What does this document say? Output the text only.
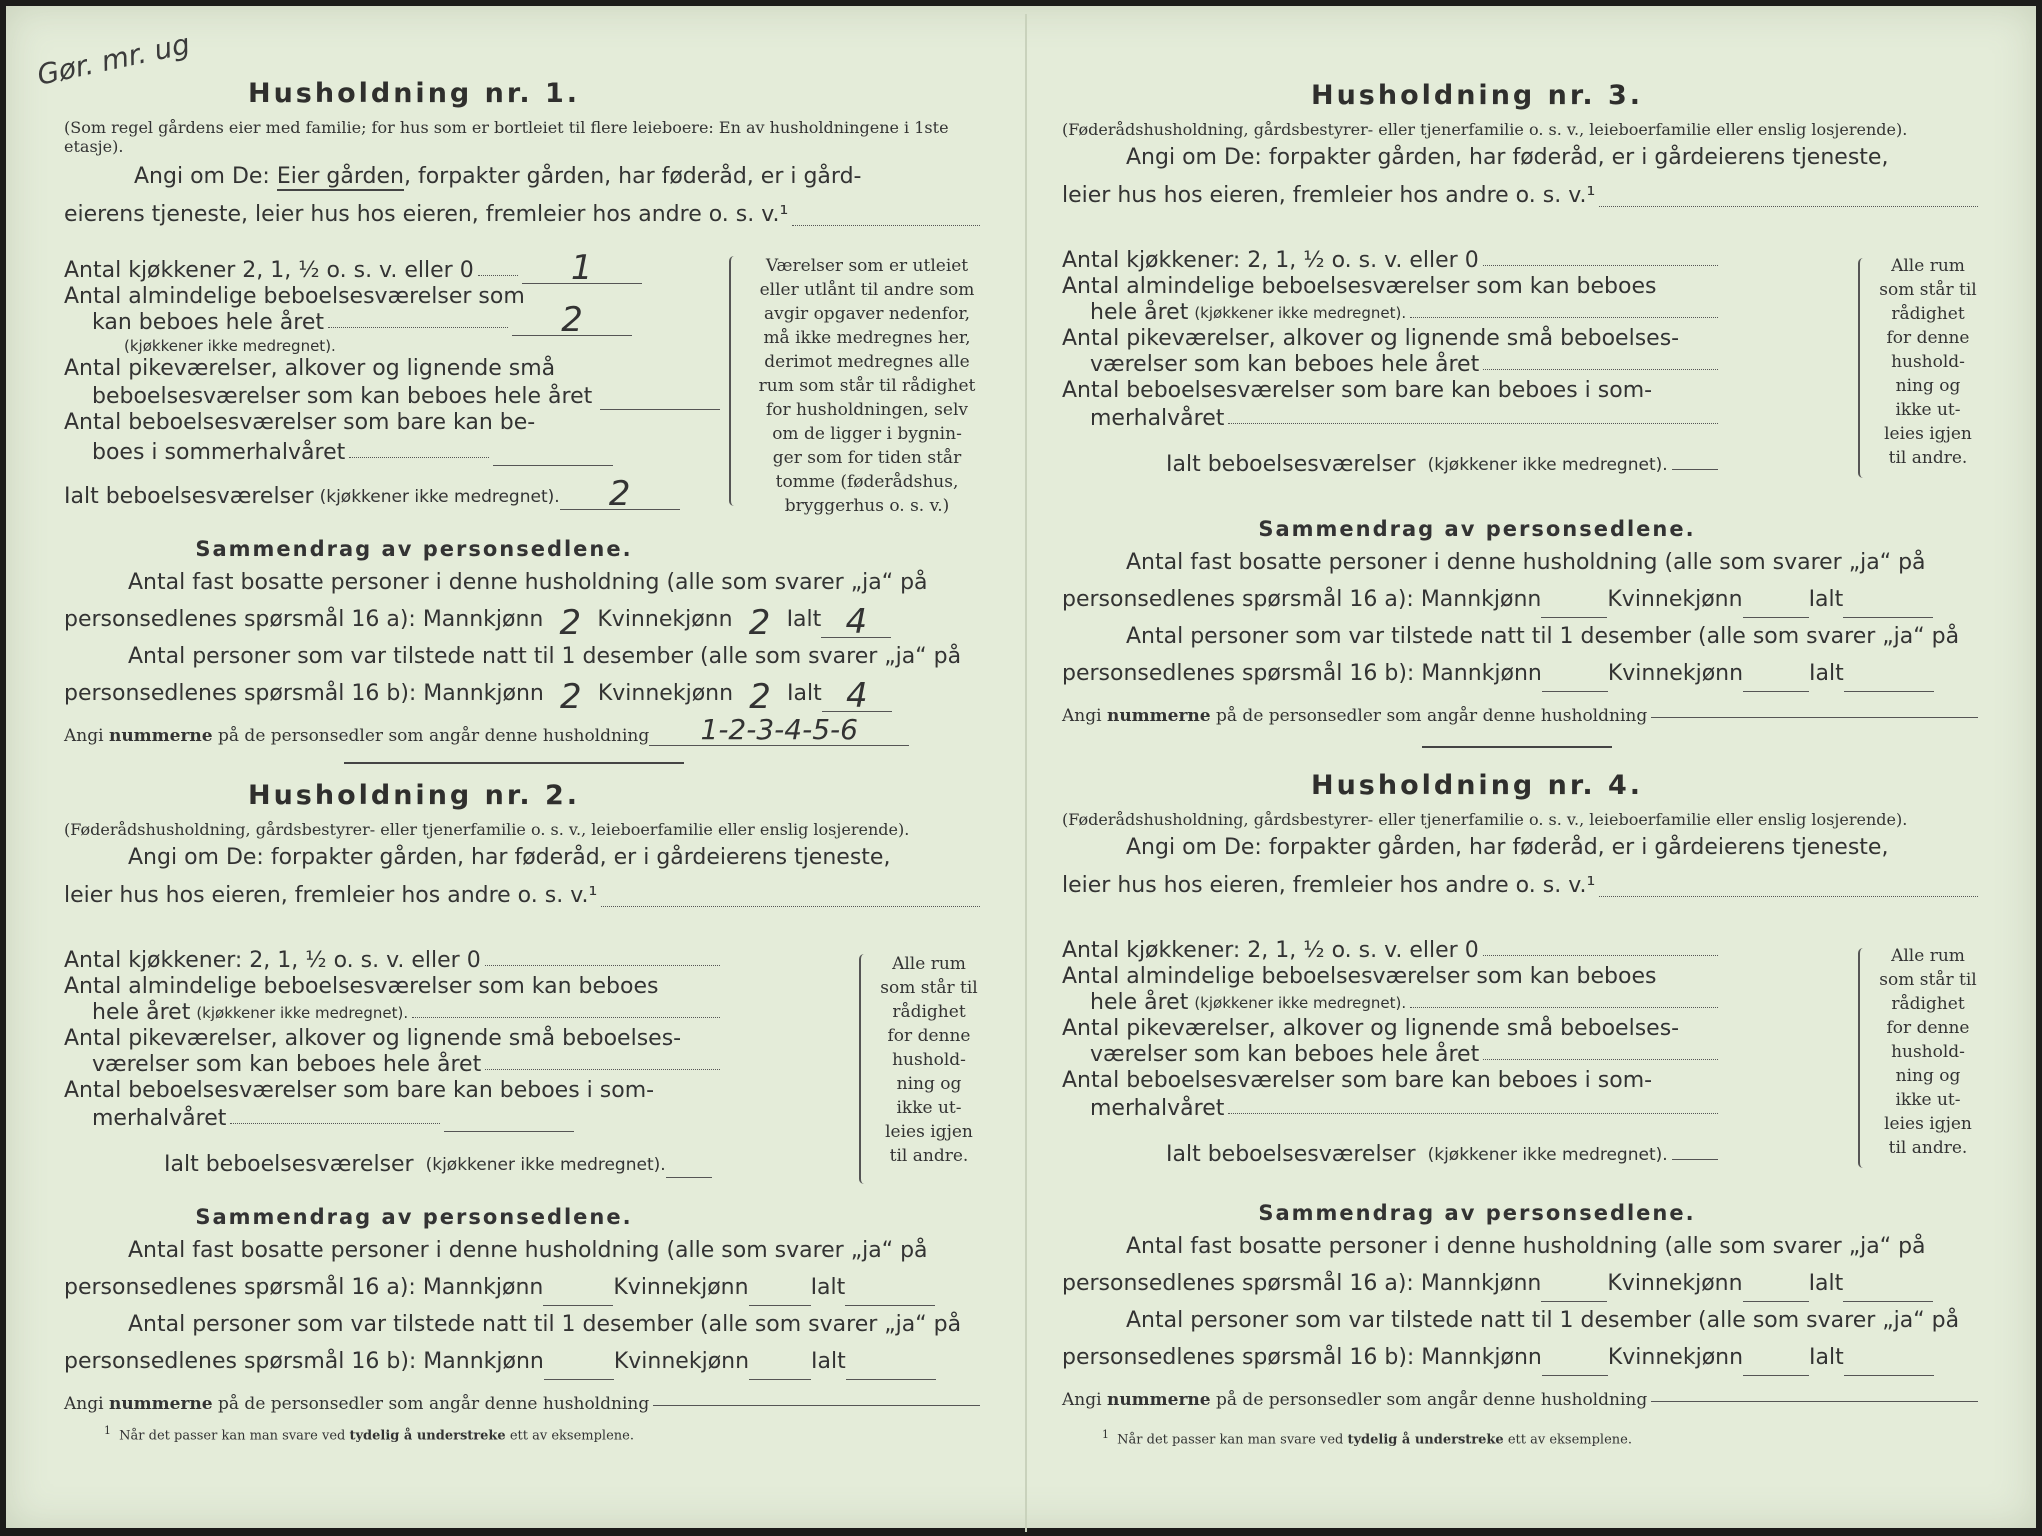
Gør. mr. ug
Husholdning nr. 1.
(Som regel gårdens eier med familie; for hus som er bortleiet til flere leieboere: En av husholdningene i 1ste etasje).
Angi om De: Eier gården, forpakter gården, har føderåd, er i gård-
eierens tjeneste, leier hus hos eieren, fremleier hos andre o. s. v.¹
Antal kjøkkener 2, 1, ½ o. s. v. eller 0	1
Antal almindelige beboelsesværelser som
kan beboes hele året	2
(kjøkkener ikke medregnet).
Antal pikeværelser, alkover og lignende små
beboelsesværelser som kan beboes hele året
Antal beboelsesværelser som bare kan be-
boes i sommerhalvåret
Ialt beboelsesværelser (kjøkkener ikke medregnet).	2
Værelser som er utleiet
eller utlånt til andre som
avgir opgaver nedenfor,
må ikke medregnes her,
derimot medregnes alle
rum som står til rådighet
for husholdningen, selv
om de ligger i bygnin-
ger som for tiden står
tomme (føderådshus,
bryggerhus o. s. v.)
Sammendrag av personsedlene.
Antal fast bosatte personer i denne husholdning (alle som svarer „ja“ på
personsedlenes spørsmål 16 a): Mannkjønn 2 Kvinnekjønn 2 Ialt 4
Antal personer som var tilstede natt til 1 desember (alle som svarer „ja“ på
personsedlenes spørsmål 16 b): Mannkjønn 2 Kvinnekjønn 2 Ialt 4
Angi
nummerne
på de personsedler som angår denne husholdning	1-2-3-4-5-6
Husholdning nr. 2.
(Føderådshusholdning, gårdsbestyrer- eller tjenerfamilie o. s. v., leieboerfamilie eller enslig losjerende).
Angi om De: forpakter gården, har føderåd, er i gårdeierens tjeneste,
leier hus hos eieren, fremleier hos andre o. s. v.¹
Antal kjøkkener: 2, 1, ½ o. s. v. eller 0
Antal almindelige beboelsesværelser som kan beboes
hele året (kjøkkener ikke medregnet).
Antal pikeværelser, alkover og lignende små beboelses-
værelser som kan beboes hele året
Antal beboelsesværelser som bare kan beboes i som-
merhalvåret
Ialt beboelsesværelser (kjøkkener ikke medregnet).
Alle rum
som står til
rådighet
for denne
hushold-
ning og
ikke ut-
leies igjen
til andre.
Sammendrag av personsedlene.
Antal fast bosatte personer i denne husholdning (alle som svarer „ja“ på
personsedlenes spørsmål 16 a): Mannkjønn	Kvinnekjønn	Ialt
Antal personer som var tilstede natt til 1 desember (alle som svarer „ja“ på
personsedlenes spørsmål 16 b): Mannkjønn	Kvinnekjønn	Ialt
Angi
nummerne
på de personsedler som angår denne husholdning
$^1$ Når det passer kan man svare ved tydelig å understreke ett av eksemplene.
Husholdning nr. 3.
(Føderådshusholdning, gårdsbestyrer- eller tjenerfamilie o. s. v., leieboerfamilie eller enslig losjerende).
Angi om De: forpakter gården, har føderåd, er i gårdeierens tjeneste,
leier hus hos eieren, fremleier hos andre o. s. v.¹
Antal kjøkkener: 2, 1, ½ o. s. v. eller 0
Antal almindelige beboelsesværelser som kan beboes
hele året (kjøkkener ikke medregnet).
Antal pikeværelser, alkover og lignende små beboelses-
værelser som kan beboes hele året
Antal beboelsesværelser som bare kan beboes i som-
merhalvåret
Ialt beboelsesværelser (kjøkkener ikke medregnet).
Alle rum
som står til
rådighet
for denne
hushold-
ning og
ikke ut-
leies igjen
til andre.
Sammendrag av personsedlene.
Antal fast bosatte personer i denne husholdning (alle som svarer „ja“ på
personsedlenes spørsmål 16 a): Mannkjønn	Kvinnekjønn	Ialt
Antal personer som var tilstede natt til 1 desember (alle som svarer „ja“ på
personsedlenes spørsmål 16 b): Mannkjønn	Kvinnekjønn	Ialt
Angi
nummerne
på de personsedler som angår denne husholdning
Husholdning nr. 4.
(Føderådshusholdning, gårdsbestyrer- eller tjenerfamilie o. s. v., leieboerfamilie eller enslig losjerende).
Angi om De: forpakter gården, har føderåd, er i gårdeierens tjeneste,
leier hus hos eieren, fremleier hos andre o. s. v.¹
Antal kjøkkener: 2, 1, ½ o. s. v. eller 0
Antal almindelige beboelsesværelser som kan beboes
hele året (kjøkkener ikke medregnet).
Antal pikeværelser, alkover og lignende små beboelses-
værelser som kan beboes hele året
Antal beboelsesværelser som bare kan beboes i som-
merhalvåret
Ialt beboelsesværelser (kjøkkener ikke medregnet).
Alle rum
som står til
rådighet
for denne
hushold-
ning og
ikke ut-
leies igjen
til andre.
Sammendrag av personsedlene.
Antal fast bosatte personer i denne husholdning (alle som svarer „ja“ på
personsedlenes spørsmål 16 a): Mannkjønn	Kvinnekjønn	Ialt
Antal personer som var tilstede natt til 1 desember (alle som svarer „ja“ på
personsedlenes spørsmål 16 b): Mannkjønn	Kvinnekjønn	Ialt
Angi
nummerne
på de personsedler som angår denne husholdning
$^1$ Når det passer kan man svare ved tydelig å understreke ett av eksemplene.
